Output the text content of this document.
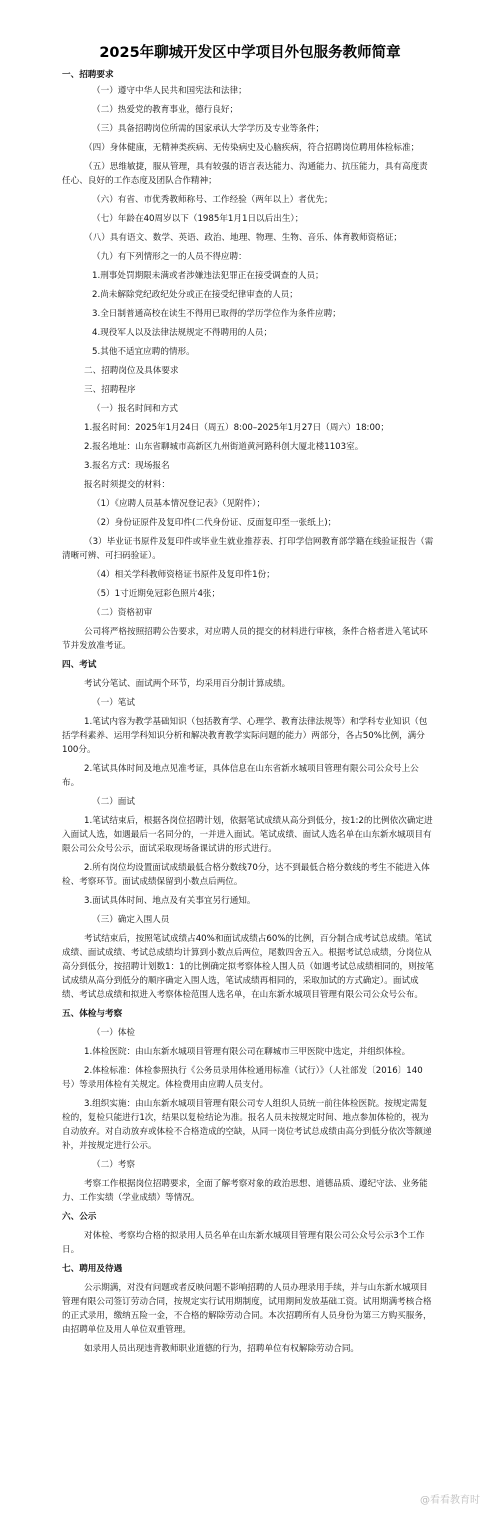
2025年聊城开发区中学项目外包服务教师简章
一、招聘要求
（一）遵守中华人民共和国宪法和法律；
（二）热爱党的教育事业，德行良好；
（三）具备招聘岗位所需的国家承认大学学历及专业等条件；
（四）身体健康，无精神类疾病、无传染病史及心脑疾病，符合招聘岗位聘用体检标准；
（五）思维敏捷，服从管理，具有较强的语言表达能力、沟通能力、抗压能力，具有高度责任心、良好的工作态度及团队合作精神；
（六）有省、市优秀教师称号、工作经验（两年以上）者优先；
（七）年龄在40周岁以下（1985年1月1日以后出生）；
（八）具有语文、数学、英语、政治、地理、物理、生物、音乐、体育教师资格证；
（九）有下列情形之一的人员不得应聘：
1.刑事处罚期限未满或者涉嫌违法犯罪正在接受调查的人员；
2.尚未解除党纪政纪处分或正在接受纪律审查的人员；
3.全日制普通高校在读生不得用已取得的学历学位作为条件应聘；
4.现役军人以及法律法规规定不得聘用的人员；
5.其他不适宜应聘的情形。
二、招聘岗位及具体要求
三、招聘程序
（一）报名时间和方式
1.报名时间：2025年1月24日（周五）8:00–2025年1月27日（周六）18:00；
2.报名地址：山东省聊城市高新区九州街道黄河路科创大厦北楼1103室。
3.报名方式：现场报名
报名时须提交的材料：
（1）《应聘人员基本情况登记表》（见附件）；
（2）身份证原件及复印件(二代身份证、反面复印至一张纸上)；
（3）毕业证书原件及复印件或毕业生就业推荐表、打印学信网教育部学籍在线验证报告（需清晰可辨、可扫码验证）。
（4）相关学科教师资格证书原件及复印件1份；
（5）1寸近期免冠彩色照片4张；
（二）资格初审
公司将严格按照招聘公告要求，对应聘人员的提交的材料进行审核，条件合格者进入笔试环节并发放准考证。
四、考试
考试分笔试、面试两个环节，均采用百分制计算成绩。
（一）笔试
1.笔试内容为教学基础知识（包括教育学、心理学、教育法律法规等）和学科专业知识（包括学科素养、运用学科知识分析和解决教育教学实际问题的能力）两部分，各占50%比例，满分100分。
2.笔试具体时间及地点见准考证，具体信息在山东省新水城项目管理有限公司公众号上公布。
（二）面试
1.笔试结束后，根据各岗位招聘计划，依据笔试成绩从高分到低分，按1:2的比例依次确定进入面试人选，如遇最后一名同分的，一并进入面试。笔试成绩、面试人选名单在山东新水城项目有限公司公众号公示，面试采取现场备课试讲的形式进行。
2.所有岗位均设置面试成绩最低合格分数线70分，达不到最低合格分数线的考生不能进入体检、考察环节。面试成绩保留到小数点后两位。
3.面试具体时间、地点及有关事宜另行通知。
（三）确定入围人员
考试结束后，按照笔试成绩占40%和面试成绩占60%的比例，百分制合成考试总成绩。笔试成绩、面试成绩、考试总成绩均计算到小数点后两位，尾数四舍五入。根据考试总成绩，分岗位从高分到低分，按招聘计划数1：1的比例确定拟考察体检人围人员（如遇考试总成绩相同的，则按笔试成绩从高分到低分的顺序确定入围人选，笔试成绩再相同的，采取加试的方式确定）。面试成绩、考试总成绩和拟进入考察体检范围人选名单，在山东新水城项目管理有限公司公众号公布。
五、体检与考察
（一）体检
1.体检医院：由山东新水城项目管理有限公司在聊城市三甲医院中选定，并组织体检。
2.体检标准：体检参照执行《公务员录用体检通用标准（试行）》（人社部发〔2016〕140号）等录用体检有关规定。体检费用由应聘人员支付。
3.组织实施：由山东新水城项目管理有限公司专人组织人员统一前往体检医院。按规定需复检的，复检只能进行1次，结果以复检结论为准。报名人员未按规定时间、地点参加体检的，视为自动放弃。对自动放弃或体检不合格造成的空缺，从同一岗位考试总成绩由高分到低分依次等额递补，并按规定进行公示。
（二）考察
考察工作根据岗位招聘要求，全面了解考察对象的政治思想、道德品质、遵纪守法、业务能力、工作实绩（学业成绩）等情况。
六、公示
对体检、考察均合格的拟录用人员名单在山东新水城项目管理有限公司公众号公示3个工作日。
七、聘用及待遇
公示期满，对没有问题或者反映问题不影响招聘的人员办理录用手续，并与山东新水城项目管理有限公司签订劳动合同，按规定实行试用期制度，试用期间发放基础工资。试用期满考核合格的正式录用，缴纳五险一金，不合格的解除劳动合同。本次招聘所有人员身份为第三方购买服务，由招聘单位及用人单位双重管理。
如录用人员出现违背教师职业道德的行为，招聘单位有权解除劳动合同。
@看看教育时
